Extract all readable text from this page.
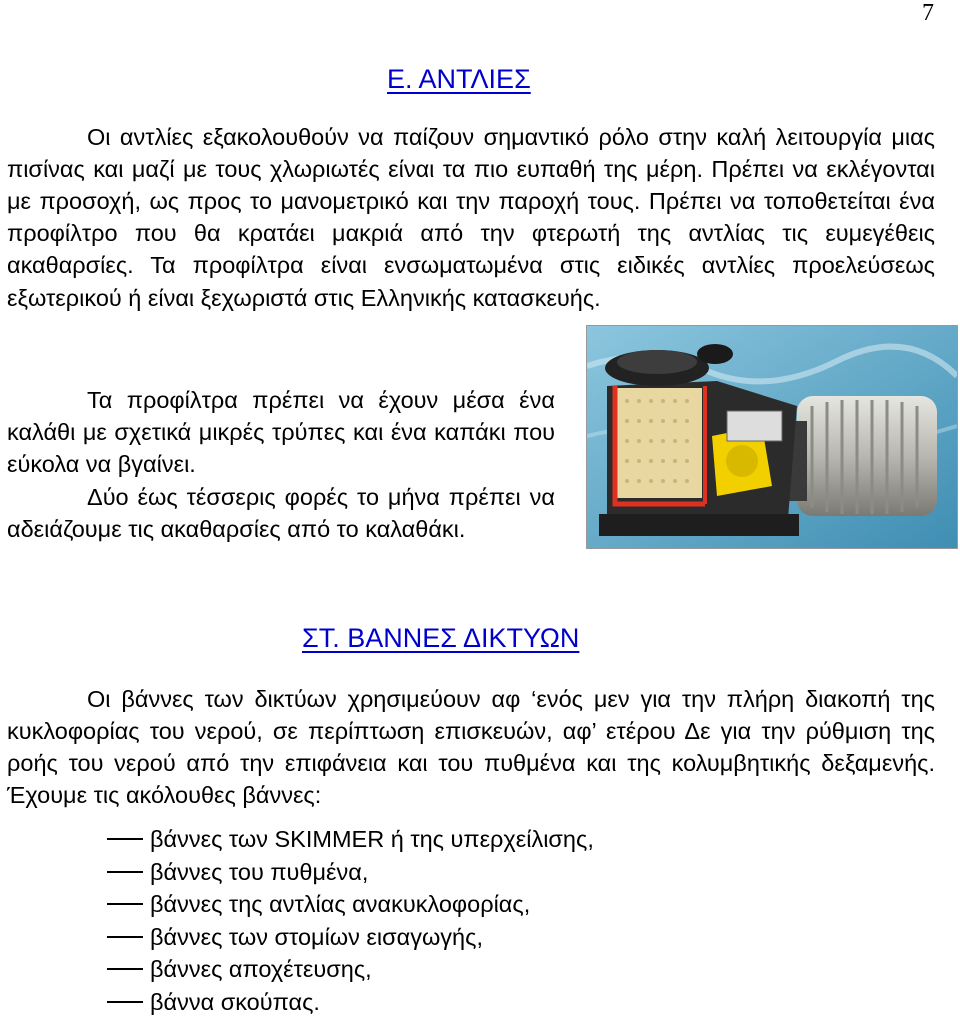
7
Ε. ΑΝΤΛΙΕΣ

Οι αντλίες εξακολουθούν να παίζουν σημαντικό ρόλο στην καλή λειτουργία μιας πισίνας και μαζί με τους χλωριωτές είναι τα πιο ευπαθή της μέρη. Πρέπει να εκλέγονται με προσοχή, ως προς το μανομετρικό και την παροχή τους. Πρέπει να τοποθετείται ένα προφίλτρο που θα κρατάει μακριά από την φτερωτή της αντλίας τις ευμεγέθεις ακαθαρσίες. Τα προφίλτρα είναι ενσωματωμένα στις ειδικές αντλίες προελεύσεως εξωτερικού ή είναι ξεχωριστά στις Ελληνικής κατασκευής.

Τα προφίλτρα πρέπει να έχουν μέσα ένα καλάθι με σχετικά μικρές τρύπες και ένα καπάκι που εύκολα να βγαίνει.

Δύο έως τέσσερις φορές το μήνα πρέπει να αδειάζουμε τις ακαθαρσίες από το καλαθάκι.

ΣΤ. ΒΑΝΝΕΣ ΔΙΚΤΥΩΝ

Οι βάννες των δικτύων χρησιμεύουν αφ ‘ενός μεν για την πλήρη διακοπή της κυκλοφορίας του νερού, σε περίπτωση επισκευών, αφ’ ετέρου Δε για την ρύθμιση της ροής του νερού από την επιφάνεια και του πυθμένα και της κολυμβητικής δεξαμενής. Έχουμε τις ακόλουθες βάννες:

βάννες των SKIMMER ή της υπερχείλισης,
βάννες του πυθμένα,
βάννες της αντλίας ανακυκλοφορίας,
βάννες των στομίων εισαγωγής,
βάννες αποχέτευσης,
βάννα σκούπας.
